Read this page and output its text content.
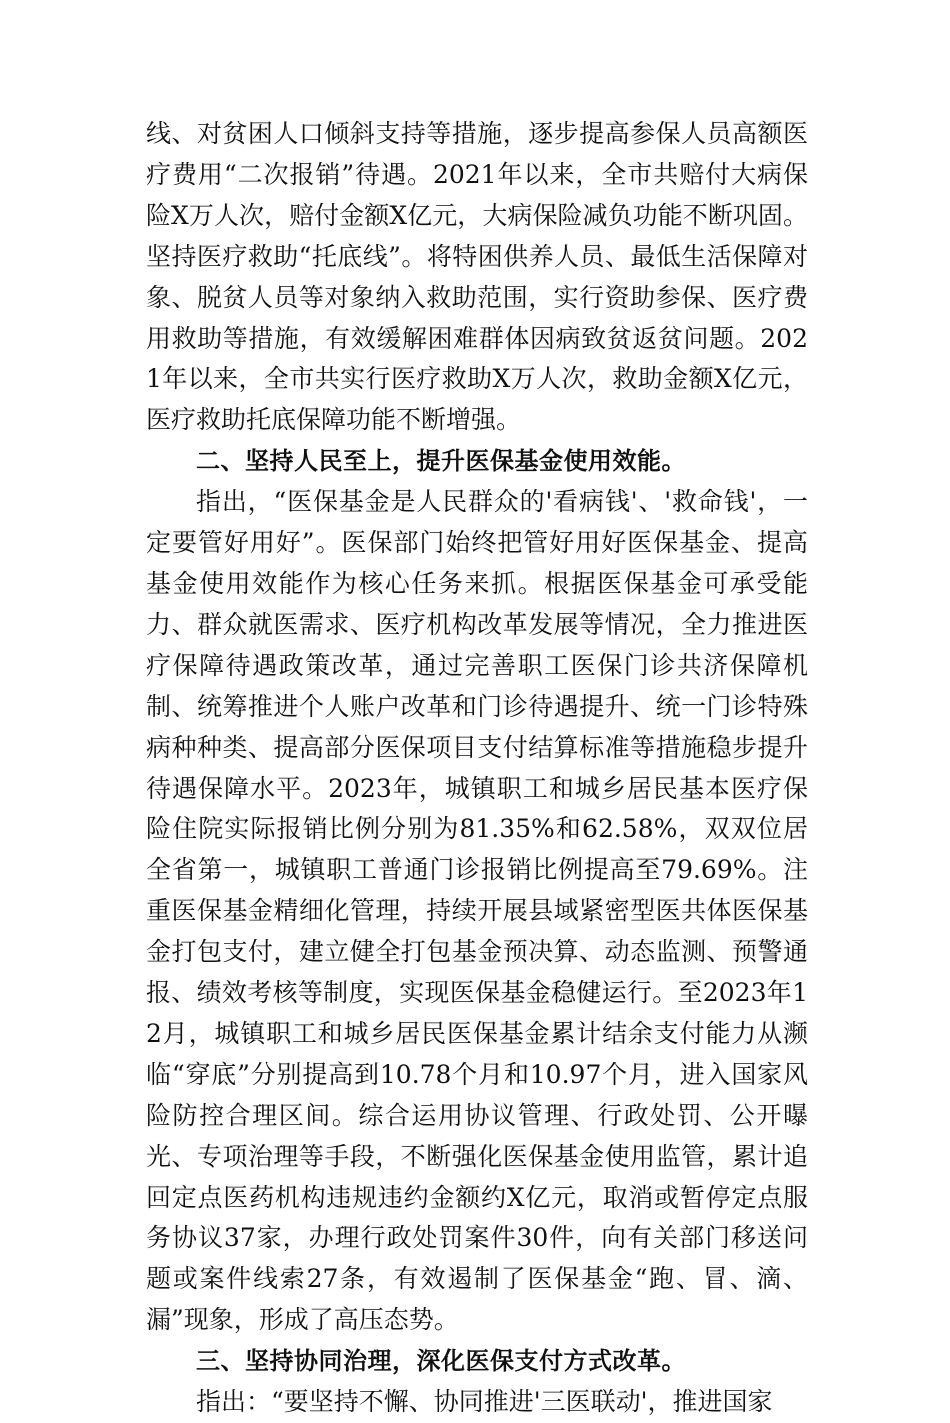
线、对贫困人口倾斜支持等措施，逐步提高参保人员高额医疗费用“二次报销”待遇。2021年以来，全市共赔付大病保险X万人次，赔付金额X亿元，大病保险减负功能不断巩固。坚持医疗救助“托底线”。将特困供养人员、最低生活保障对象、脱贫人员等对象纳入救助范围，实行资助参保、医疗费用救助等措施，有效缓解困难群体因病致贫返贫问题。2021年以来，全市共实行医疗救助X万人次，救助金额X亿元，医疗救助托底保障功能不断增强。

二、坚持人民至上，提升医保基金使用效能。

指出，“医保基金是人民群众的'看病钱'、'救命钱'，一定要管好用好”。医保部门始终把管好用好医保基金、提高基金使用效能作为核心任务来抓。根据医保基金可承受能力、群众就医需求、医疗机构改革发展等情况，全力推进医疗保障待遇政策改革，通过完善职工医保门诊共济保障机制、统筹推进个人账户改革和门诊待遇提升、统一门诊特殊病种种类、提高部分医保项目支付结算标准等措施稳步提升待遇保障水平。2023年，城镇职工和城乡居民基本医疗保险住院实际报销比例分别为81.35%和62.58%，双双位居全省第一，城镇职工普通门诊报销比例提高至79.69%。注重医保基金精细化管理，持续开展县域紧密型医共体医保基金打包支付，建立健全打包基金预决算、动态监测、预警通报、绩效考核等制度，实现医保基金稳健运行。至2023年12月，城镇职工和城乡居民医保基金累计结余支付能力从濒临“穿底”分别提高到10.78个月和10.97个月，进入国家风险防控合理区间。综合运用协议管理、行政处罚、公开曝光、专项治理等手段，不断强化医保基金使用监管，累计追回定点医药机构违规违约金额约X亿元，取消或暂停定点服务协议37家，办理行政处罚案件30件，向有关部门移送问题或案件线索27条，有效遏制了医保基金“跑、冒、滴、漏”现象，形成了高压态势。

三、坚持协同治理，深化医保支付方式改革。

指出：“要坚持不懈、协同推进'三医联动'，推进国家
